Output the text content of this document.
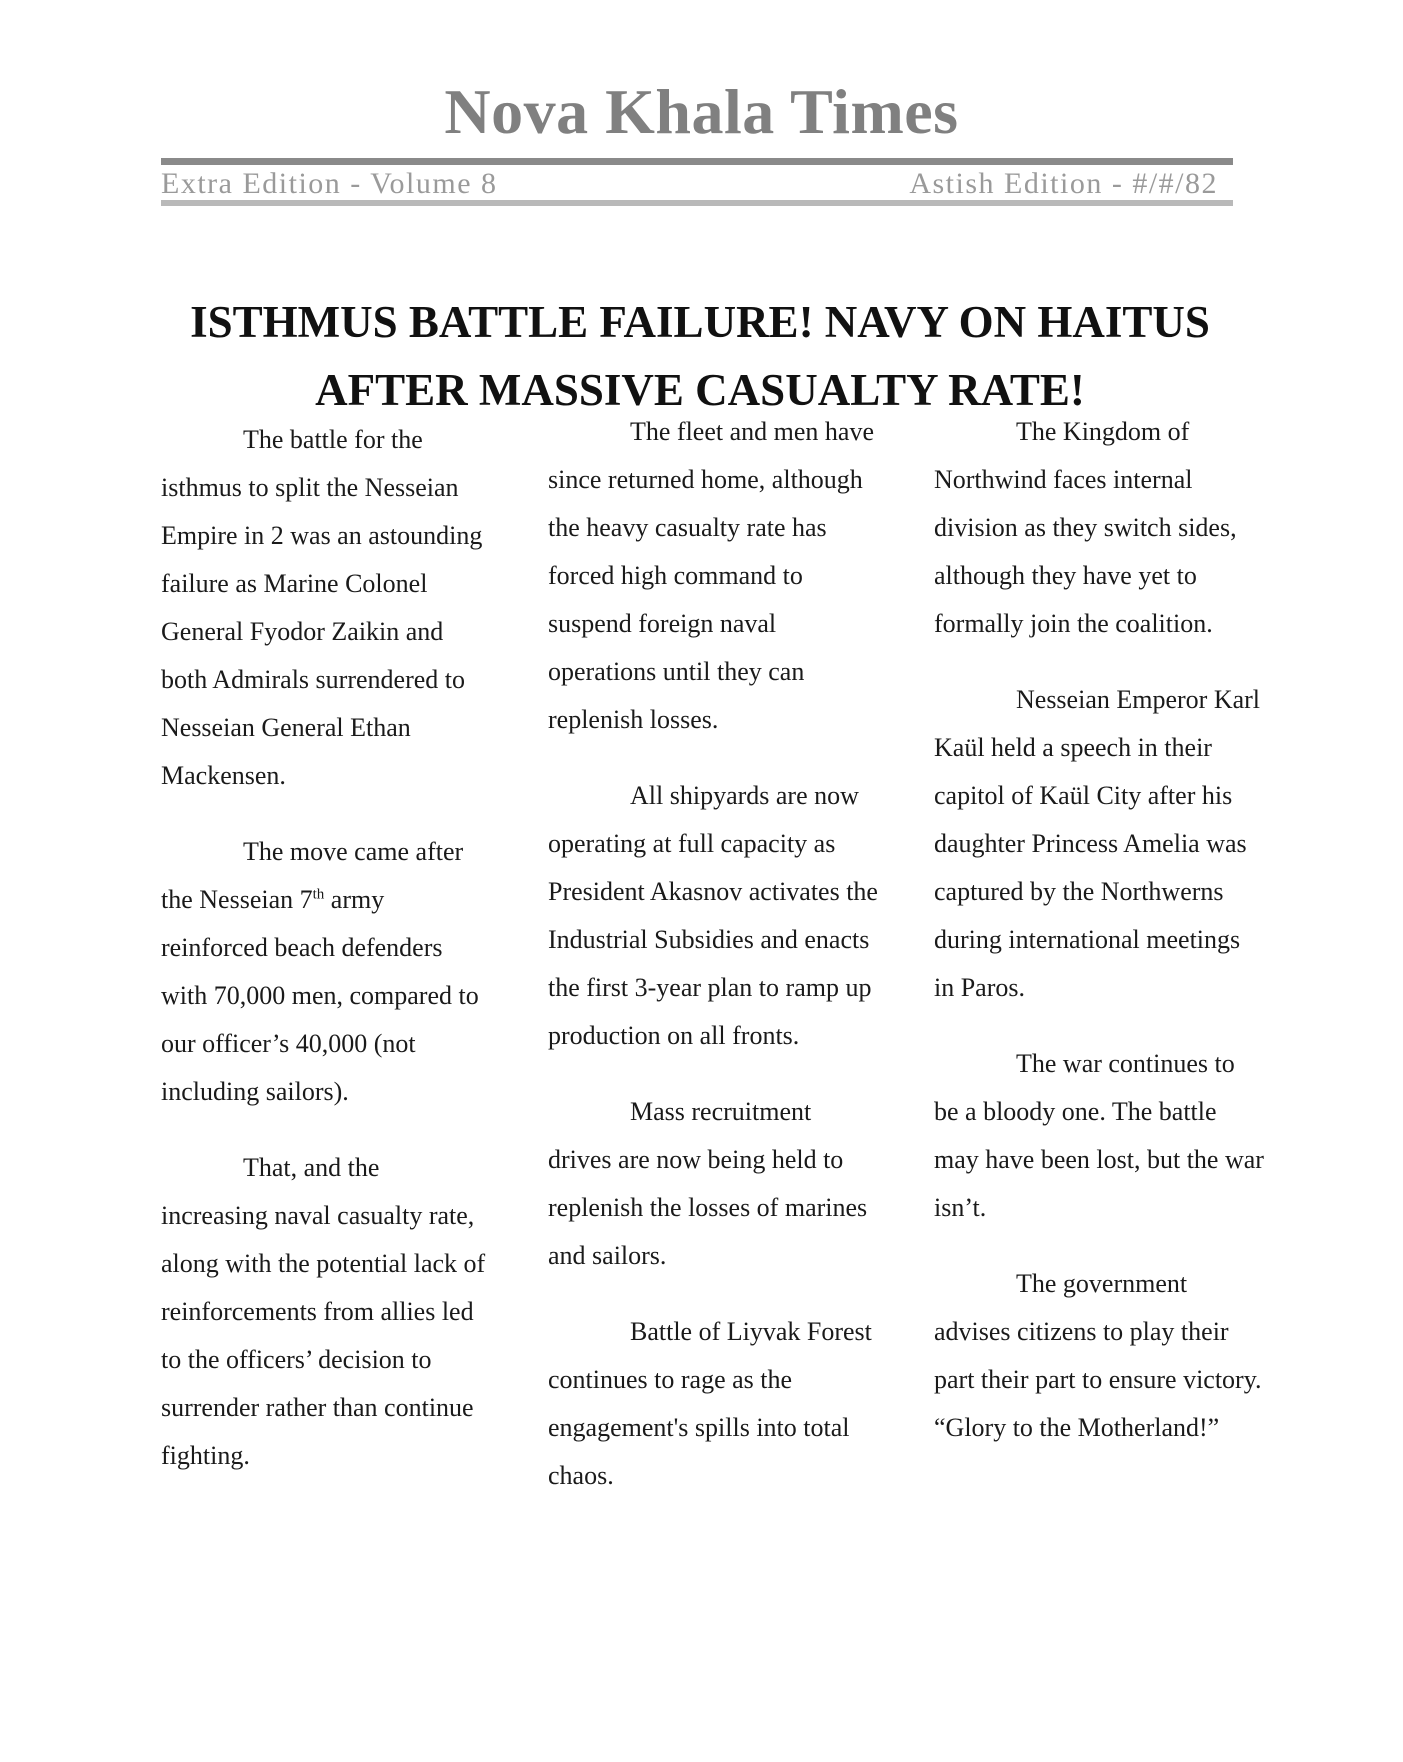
Nova Khala Times
Extra Edition - Volume 8	Astish Edition - #/#/82
ISTHMUS BATTLE FAILURE! NAVY ON HAITUS
AFTER MASSIVE CASUALTY RATE!

The battle for the isthmus to split the Nesseian Empire in 2 was an astounding failure as Marine Colonel General Fyodor Zaikin and both Admirals surrendered to Nesseian General Ethan Mackensen.

The move came after the Nesseian 7th army reinforced beach defenders with 70,000 men, compared to our officer’s 40,000 (not including sailors).

That, and the increasing naval casualty rate, along with the potential lack of reinforcements from allies led to the officers’ decision to surrender rather than continue fighting.

The fleet and men have since returned home, although the heavy casualty rate has forced high command to suspend foreign naval operations until they can replenish losses.

All shipyards are now operating at full capacity as President Akasnov activates the Industrial Subsidies and enacts the first 3-year plan to ramp up production on all fronts.

Mass recruitment drives are now being held to replenish the losses of marines and sailors.

Battle of Liyvak Forest continues to rage as the engagement's spills into total chaos.

The Kingdom of Northwind faces internal division as they switch sides, although they have yet to formally join the coalition.

Nesseian Emperor Karl Kaül held a speech in their capitol of Kaül City after his daughter Princess Amelia was captured by the Northwerns during international meetings in Paros.

The war continues to be a bloody one. The battle may have been lost, but the war isn’t.

The government advises citizens to play their part their part to ensure victory. “Glory to the Motherland!”
